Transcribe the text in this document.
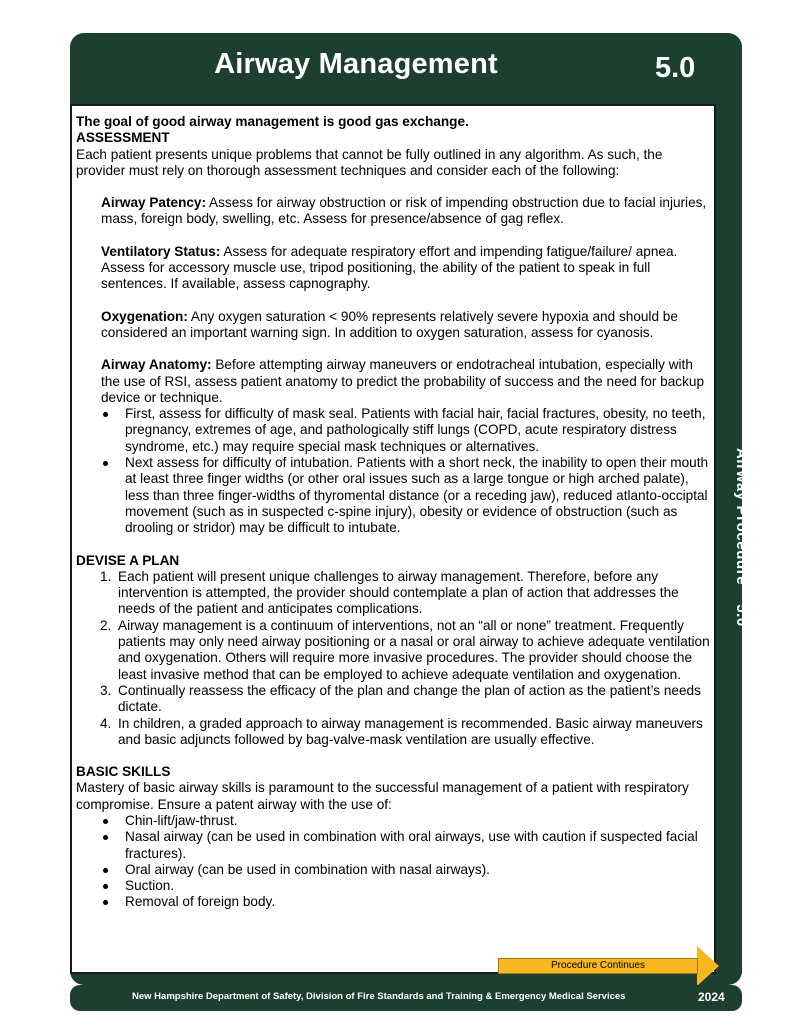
Airway Management	5.0
Airway Procedure    5.0

The goal of good airway management is good gas exchange.

ASSESSMENT

Each patient presents unique problems that cannot be fully outlined in any algorithm. As such, the provider must rely on thorough assessment techniques and consider each of the following:

Airway Patency: Assess for airway obstruction or risk of impending obstruction due to facial injuries, mass, foreign body, swelling, etc. Assess for presence/absence of gag reflex.

Ventilatory Status: Assess for adequate respiratory effort and impending fatigue/failure/ apnea. Assess for accessory muscle use, tripod positioning, the ability of the patient to speak in full sentences. If available, assess capnography.

Oxygenation: Any oxygen saturation < 90% represents relatively severe hypoxia and should be considered an important warning sign. In addition to oxygen saturation, assess for cyanosis.

Airway Anatomy: Before attempting airway maneuvers or endotracheal intubation, especially with the use of RSI, assess patient anatomy to predict the probability of success and the need for backup device or technique.

First, assess for difficulty of mask seal. Patients with facial hair, facial fractures, obesity, no teeth, pregnancy, extremes of age, and pathologically stiff lungs (COPD, acute respiratory distress syndrome, etc.) may require special mask techniques or alternatives.
Next assess for difficulty of intubation. Patients with a short neck, the inability to open their mouth at least three finger widths (or other oral issues such as a large tongue or high arched palate), less than three finger-widths of thyromental distance (or a receding jaw), reduced atlanto-occiptal movement (such as in suspected c-spine injury), obesity or evidence of obstruction (such as drooling or stridor) may be difficult to intubate.

DEVISE A PLAN

1. Each patient will present unique challenges to airway management. Therefore, before any intervention is attempted, the provider should contemplate a plan of action that addresses the needs of the patient and anticipates complications.
2. Airway management is a continuum of interventions, not an “all or none” treatment. Frequently patients may only need airway positioning or a nasal or oral airway to achieve adequate ventilation and oxygenation. Others will require more invasive procedures. The provider should choose the least invasive method that can be employed to achieve adequate ventilation and oxygenation.
3. Continually reassess the efficacy of the plan and change the plan of action as the patient’s needs dictate.
4. In children, a graded approach to airway management is recommended. Basic airway maneuvers and basic adjuncts followed by bag-valve-mask ventilation are usually effective.

BASIC SKILLS

Mastery of basic airway skills is paramount to the successful management of a patient with respiratory compromise. Ensure a patent airway with the use of:

Chin-lift/jaw-thrust.
Nasal airway (can be used in combination with oral airways, use with caution if suspected facial fractures).
Oral airway (can be used in combination with nasal airways).
Suction.
Removal of foreign body.
Procedure Continues
New Hampshire Department of Safety, Division of Fire Standards and Training & Emergency Medical Services	2024
